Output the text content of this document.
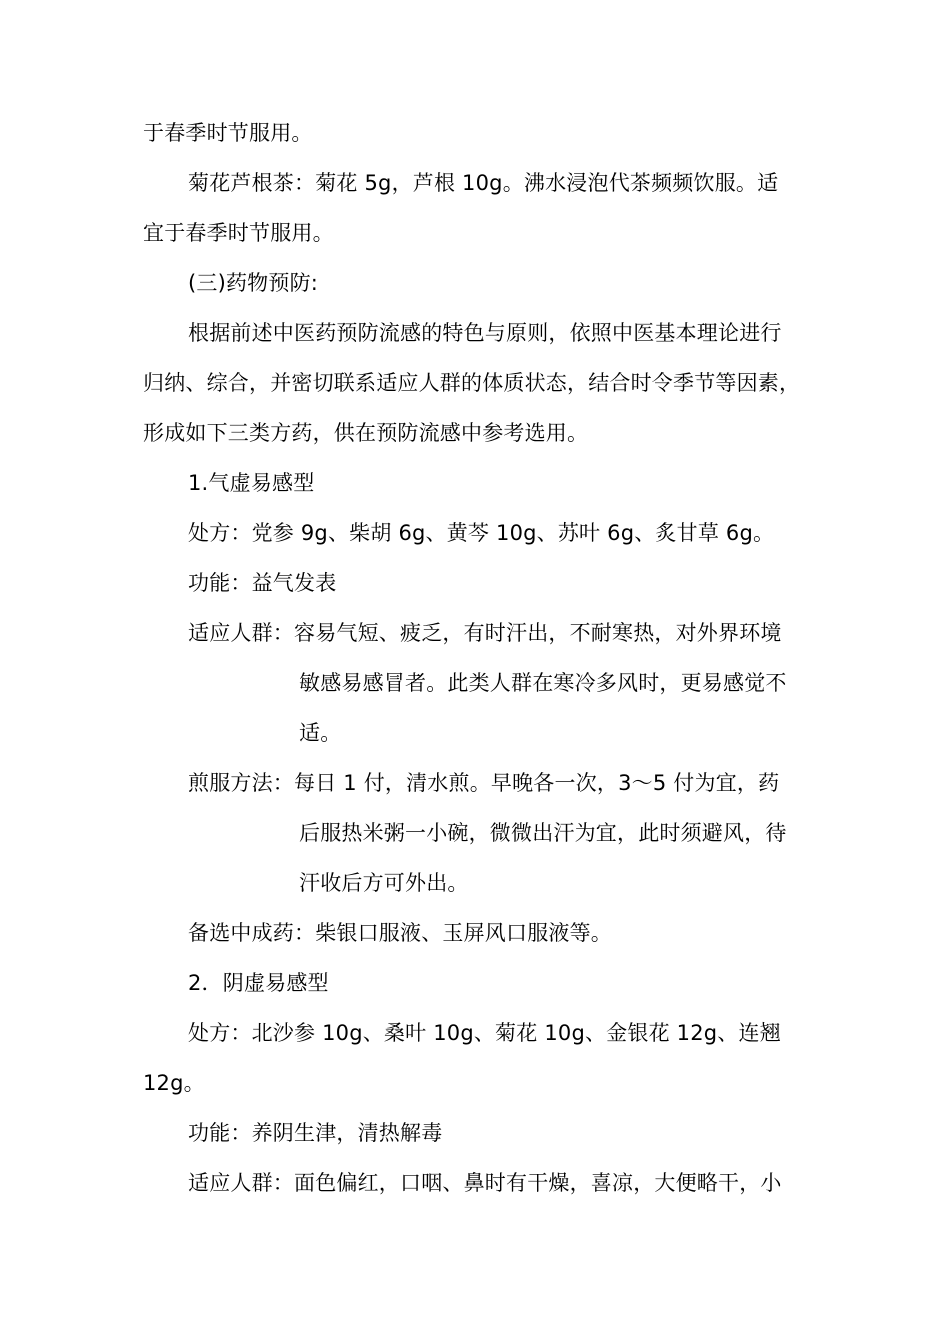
于春季时节服用。
菊花芦根茶：菊花 5g，芦根 10g。沸水浸泡代茶频频饮服。适
宜于春季时节服用。
(三)药物预防:
根据前述中医药预防流感的特色与原则，依照中医基本理论进行
归纳、综合，并密切联系适应人群的体质状态，结合时令季节等因素，
形成如下三类方药，供在预防流感中参考选用。
1.气虚易感型
处方：党参 9g、柴胡 6g、黄芩 10g、苏叶 6g、炙甘草 6g。
功能：益气发表
适应人群：容易气短、疲乏，有时汗出，不耐寒热，对外界环境
敏感易感冒者。此类人群在寒冷多风时，更易感觉不
适。
煎服方法：每日 1 付，清水煎。早晚各一次，3～5 付为宜，药
后服热米粥一小碗，微微出汗为宜，此时须避风，待
汗收后方可外出。
备选中成药：柴银口服液、玉屏风口服液等。
2．阴虚易感型
处方：北沙参 10g、桑叶 10g、菊花 10g、金银花 12g、连翘
12g。
功能：养阴生津，清热解毒
适应人群：面色偏红，口咽、鼻时有干燥，喜凉，大便略干，小
